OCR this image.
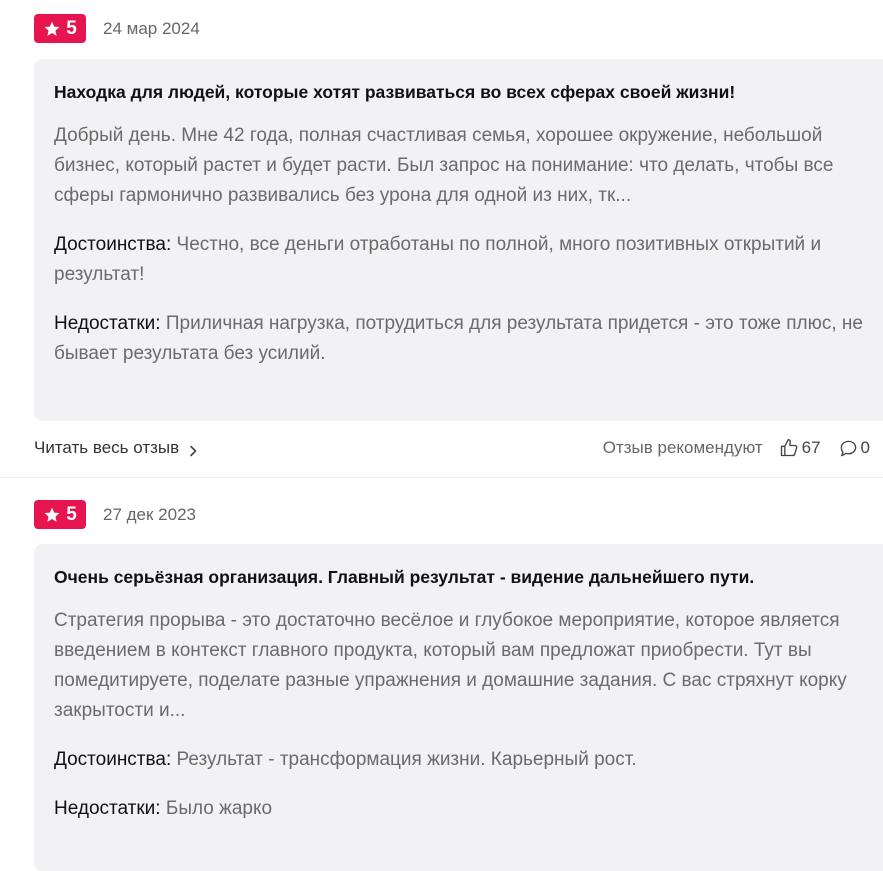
5 24 мар 2024
Находка для людей, которые хотят развиваться во всех сферах своей жизни!
Добрый день. Мне 42 года, полная счастливая семья, хорошее окружение, небольшой бизнес, который растет и будет расти. Был запрос на понимание: что делать, чтобы все сферы гармонично развивались без урона для одной из них, тк...
Достоинства: Честно, все деньги отработаны по полной, много позитивных открытий и результат!
Недостатки: Приличная нагрузка, потрудиться для результата придется - это тоже плюс, не бывает результата без усилий.
Читать весь отзыв	Отзыв рекомендуют 67 0
5 27 дек 2023
Очень серьёзная организация. Главный результат - видение дальнейшего пути.
Стратегия прорыва - это достаточно весёлое и глубокое мероприятие, которое является введением в контекст главного продукта, который вам предложат приобрести. Тут вы помедитируете, поделате разные упражнения и домашние задания. С вас стряхнут корку закрытости и...
Достоинства: Результат - трансформация жизни. Карьерный рост.
Недостатки: Было жарко
